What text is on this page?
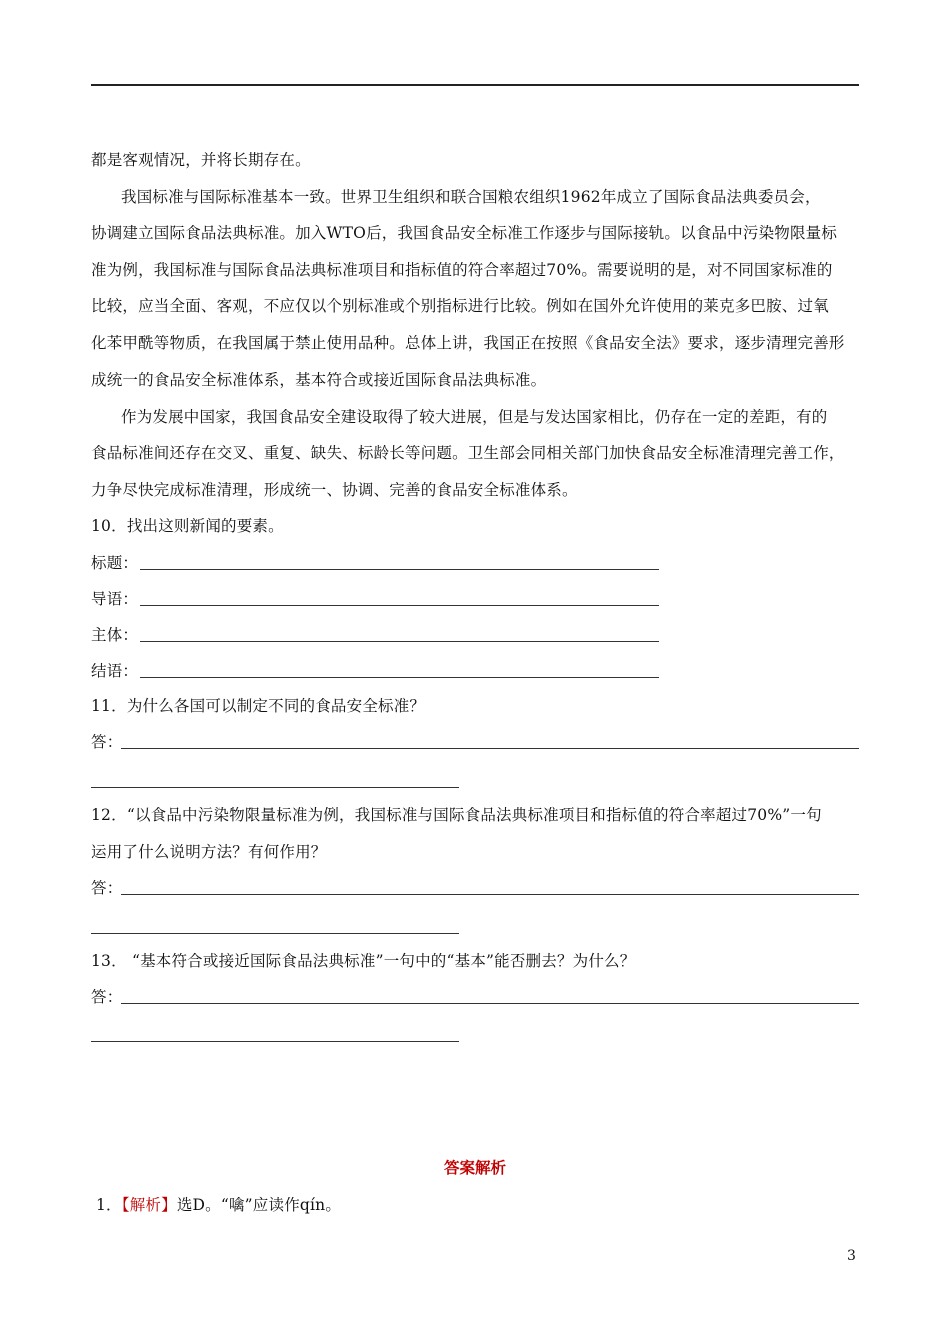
都是客观情况，并将长期存在。
我国标准与国际标准基本一致。世界卫生组织和联合国粮农组织1962年成立了国际食品法典委员会，
协调建立国际食品法典标准。加入WTO后，我国食品安全标准工作逐步与国际接轨。以食品中污染物限量标
准为例，我国标准与国际食品法典标准项目和指标值的符合率超过70%。需要说明的是，对不同国家标准的
比较，应当全面、客观，不应仅以个别标准或个别指标进行比较。例如在国外允许使用的莱克多巴胺、过氧
化苯甲酰等物质，在我国属于禁止使用品种。总体上讲，我国正在按照《食品安全法》要求，逐步清理完善形
成统一的食品安全标准体系，基本符合或接近国际食品法典标准。
作为发展中国家，我国食品安全建设取得了较大进展，但是与发达国家相比，仍存在一定的差距，有的
食品标准间还存在交叉、重复、缺失、标龄长等问题。卫生部会同相关部门加快食品安全标准清理完善工作，
力争尽快完成标准清理，形成统一、协调、完善的食品安全标准体系。
10．找出这则新闻的要素。
标题：
导语：
主体：
结语：
11．为什么各国可以制定不同的食品安全标准？
答：
12．“以食品中污染物限量标准为例，我国标准与国际食品法典标准项目和指标值的符合率超过70%”一句
运用了什么说明方法？有何作用？
答：
13． “基本符合或接近国际食品法典标准”一句中的“基本”能否删去？为什么？
答：
答案解析
1．【解析】选D。“噙”应读作qín。
3
